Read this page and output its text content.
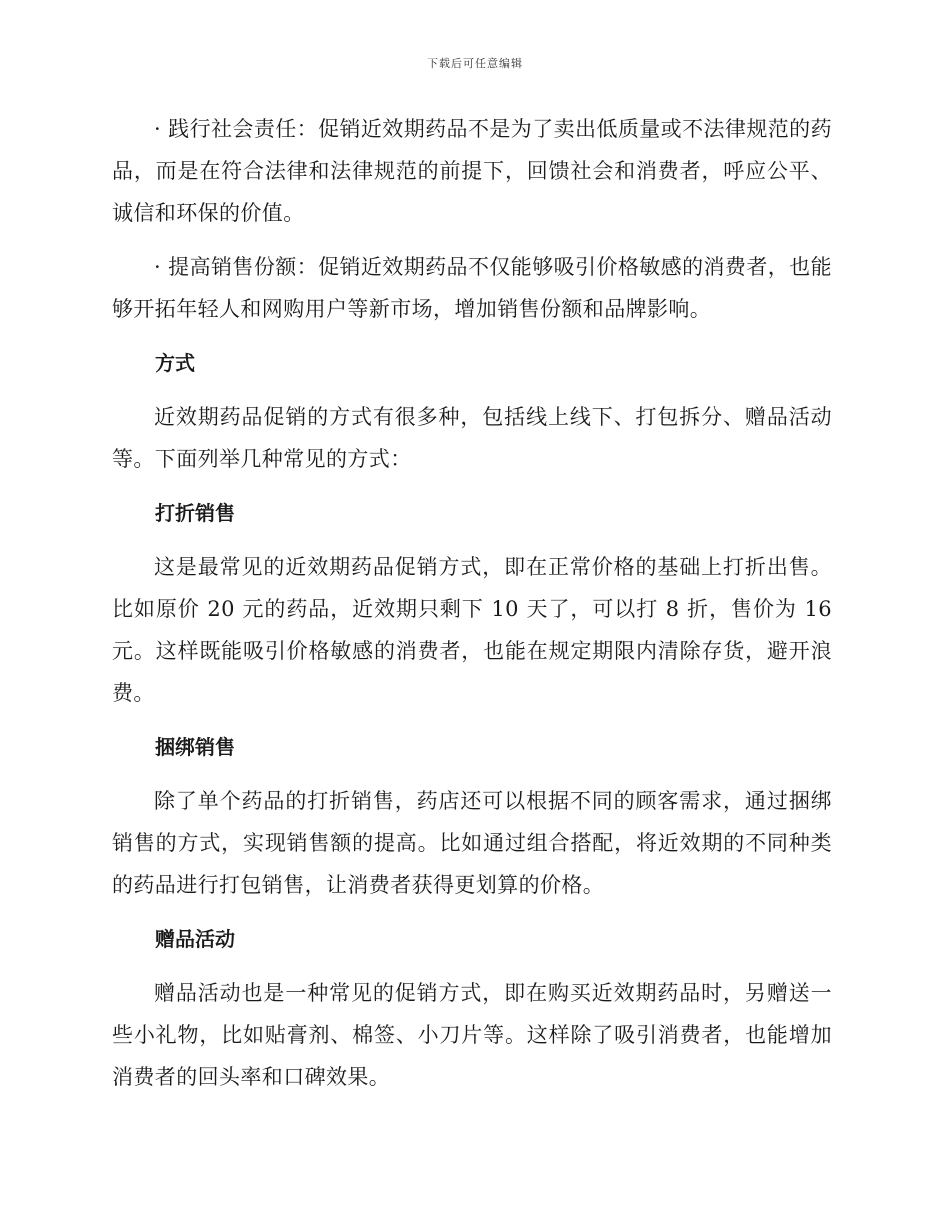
下载后可任意编辑

· 践行社会责任：促销近效期药品不是为了卖出低质量或不法律规范的药品，而是在符合法律和法律规范的前提下，回馈社会和消费者，呼应公平、诚信和环保的价值。

· 提高销售份额：促销近效期药品不仅能够吸引价格敏感的消费者，也能够开拓年轻人和网购用户等新市场，增加销售份额和品牌影响。

方式

近效期药品促销的方式有很多种，包括线上线下、打包拆分、赠品活动等。下面列举几种常见的方式：

打折销售

这是最常见的近效期药品促销方式，即在正常价格的基础上打折出售。比如原价 20 元的药品，近效期只剩下 10 天了，可以打 8 折，售价为 16 元。这样既能吸引价格敏感的消费者，也能在规定期限内清除存货，避开浪费。

捆绑销售

除了单个药品的打折销售，药店还可以根据不同的顾客需求，通过捆绑销售的方式，实现销售额的提高。比如通过组合搭配，将近效期的不同种类的药品进行打包销售，让消费者获得更划算的价格。

赠品活动

赠品活动也是一种常见的促销方式，即在购买近效期药品时，另赠送一些小礼物，比如贴膏剂、棉签、小刀片等。这样除了吸引消费者，也能增加消费者的回头率和口碑效果。
